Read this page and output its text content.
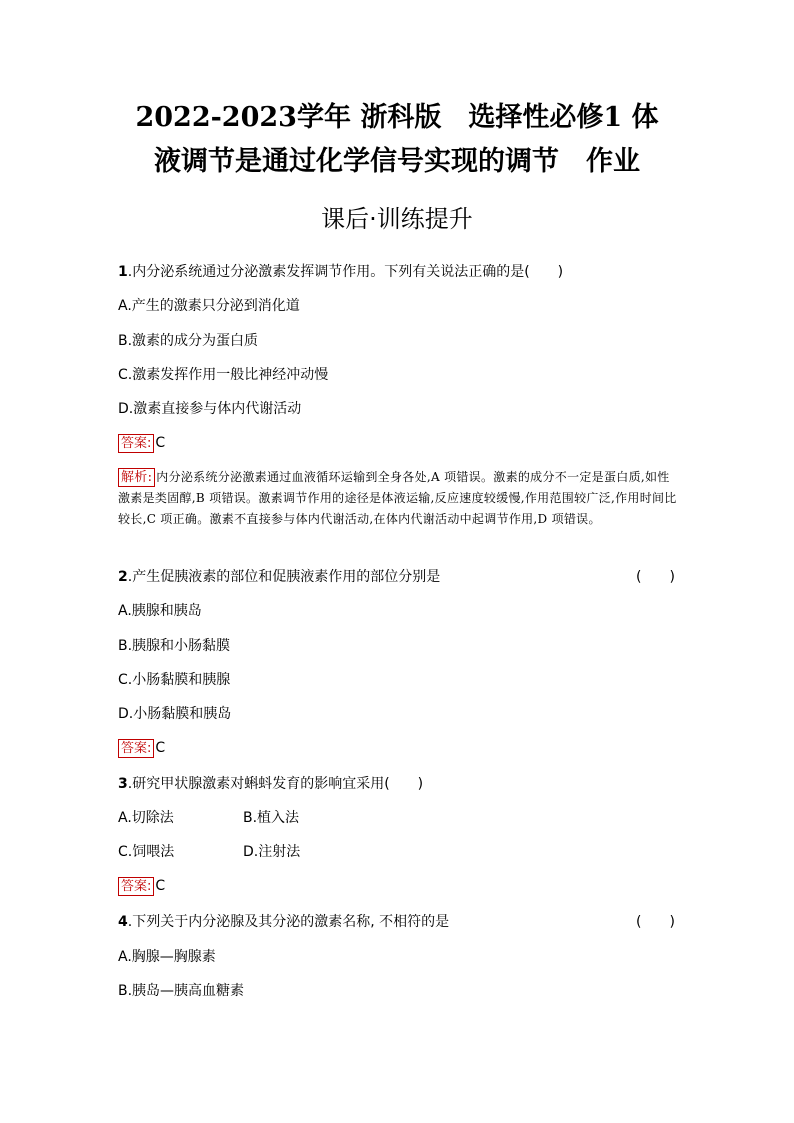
2022-2023学年 浙科版　选择性必修1 体
液调节是通过化学信号实现的调节　作业
课后·训练提升
1.内分泌系统通过分泌激素发挥调节作用。下列有关说法正确的是(　　)
A.产生的激素只分泌到消化道
B.激素的成分为蛋白质
C.激素发挥作用一般比神经冲动慢
D.激素直接参与体内代谢活动
答案: C
解析: 内分泌系统分泌激素通过血液循环运输到全身各处,A 项错误。激素的成分不一定是蛋白质,如性激素是类固醇,B 项错误。激素调节作用的途径是体液运输,反应速度较缓慢,作用范围较广泛,作用时间比较长,C 项正确。激素不直接参与体内代谢活动,在体内代谢活动中起调节作用,D 项错误。
2.产生促胰液素的部位和促胰液素作用的部位分别是	(　　)
A.胰腺和胰岛
B.胰腺和小肠黏膜
C.小肠黏膜和胰腺
D.小肠黏膜和胰岛
答案: C
3.研究甲状腺激素对蝌蚪发育的影响宜采用(　　)
A.切除法	B.植入法
C.饲喂法	D.注射法
答案: C
4.下列关于内分泌腺及其分泌的激素名称, 不相符的是	(　　)
A.胸腺—胸腺素
B.胰岛—胰高血糖素
